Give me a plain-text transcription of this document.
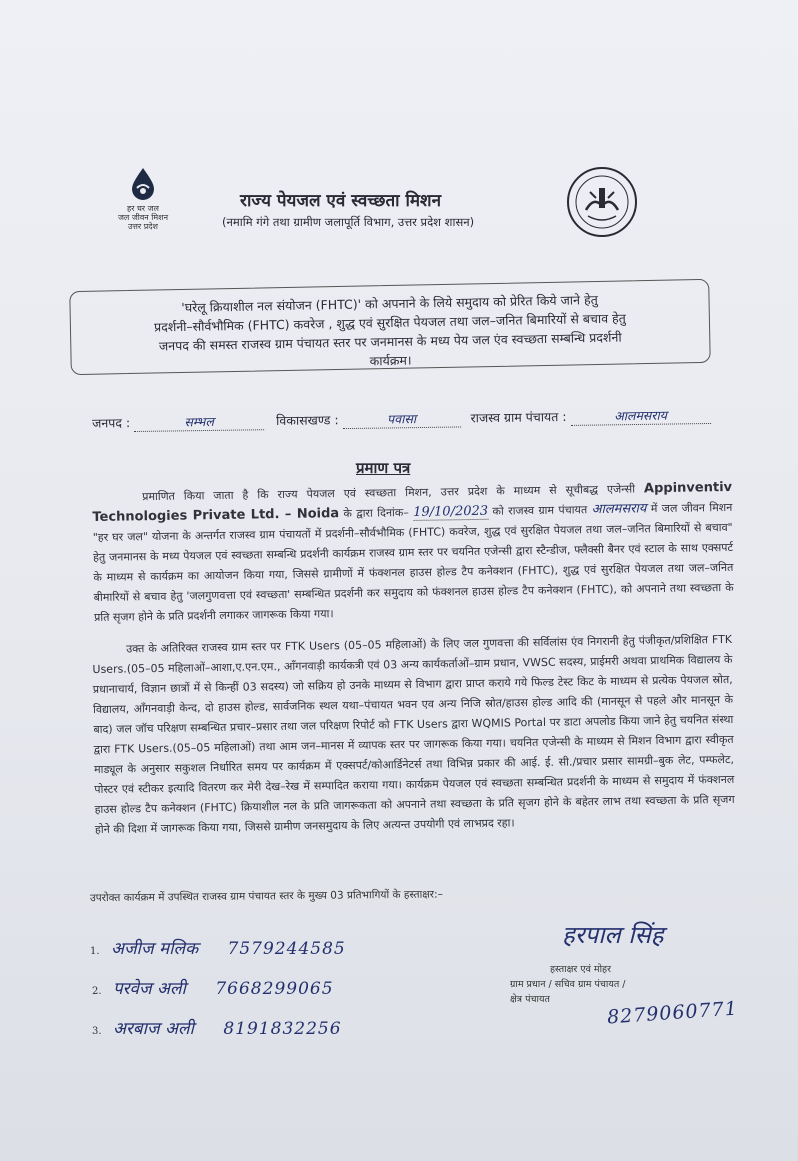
हर घर जल
जल जीवन मिशन
उत्तर प्रदेश
राज्य पेयजल एवं स्वच्छता मिशन
(नमामि गंगे तथा ग्रामीण जलापूर्ति विभाग, उत्तर प्रदेश शासन)
'घरेलू क्रियाशील नल संयोजन (FHTC)' को अपनाने के लिये समुदाय को प्रेरित किये जाने हेतु
प्रदर्शनी–सौर्वभौमिक (FHTC) कवरेज , शुद्ध एवं सुरक्षित पेयजल तथा जल–जनित बिमारियों से बचाव हेतु
जनपद की समस्त राजस्व ग्राम पंचायत स्तर पर जनमानस के मध्य पेय जल एंव स्वच्छता सम्बन्धि प्रदर्शनी
कार्यक्रम।
जनपद :	सम्भल	विकासखण्ड :	पवासा	राजस्व ग्राम पंचायत :	आलमसराय
प्रमाण पत्र
प्रमाणित किया जाता है कि राज्य पेयजल एवं स्वच्छता मिशन, उत्तर प्रदेश के माध्यम से सूचीबद्ध एजेन्सी Appinventiv Technologies Private Ltd. – Noida के द्वारा दिनांक– 19/10/2023 को राजस्व ग्राम पंचायत आलमसराय में जल जीवन मिशन "हर घर जल" योजना के अन्तर्गत राजस्व ग्राम पंचायतों में प्रदर्शनी–सौर्वभौमिक (FHTC) कवरेज, शुद्ध एवं सुरक्षित पेयजल तथा जल–जनित बिमारियों से बचाव" हेतु जनमानस के मध्य पेयजल एवं स्वच्छता सम्बन्धि प्रदर्शनी कार्यक्रम राजस्व ग्राम स्तर पर चयनित एजेन्सी द्वारा स्टैन्डीज, फ्लैक्सी बैनर एवं स्टाल के साथ एक्सपर्ट के माध्यम से कार्यक्रम का आयोजन किया गया, जिससे ग्रामीणों में फंक्शनल हाउस होल्ड टैप कनेक्शन (FHTC), शुद्ध एवं सुरक्षित पेयजल तथा जल–जनित बीमारियों से बचाव हेतु 'जलगुणवत्ता एवं स्वच्छता' सम्बन्धित प्रदर्शनी कर समुदाय को फंक्शनल हाउस होल्ड टैप कनेक्शन (FHTC), को अपनाने तथा स्वच्छता के प्रति सृजग होने के प्रति प्रदर्शनी लगाकर जागरूक किया गया।
उक्त के अतिरिक्त राजस्व ग्राम स्तर पर FTK Users (05–05 महिलाओं) के लिए जल गुणवत्ता की सर्विलांस एंव निगरानी हेतु पंजीकृत/प्रशिक्षित FTK Users.(05–05 महिलाओं–आशा,ए.एन.एम., आँगनवाड़ी कार्यकत्री एवं 03 अन्य कार्यकर्ताओं–ग्राम प्रधान, VWSC सदस्य, प्राईमरी अथवा प्राथमिक विद्यालय के प्रधानाचार्य, विज्ञान छात्रों में से किन्हीं 03 सदस्य) जो सक्रिय हो उनके माध्यम से विभाग द्वारा प्राप्त कराये गये फिल्ड टेस्ट किट के माध्यम से प्रत्येक पेयजल स्रोत, विद्यालय, आँगनवाड़ी केन्द, दो हाउस होल्ड, सार्वजनिक स्थल यथा–पंचायत भवन एव अन्य निजि स्रोत/हाउस होल्ड आदि की (मानसून से पहले और मानसून के बाद) जल जॉच परिक्षण सम्बन्धित प्रचार–प्रसार तथा जल परिक्षण रिपोर्ट को FTK Users द्वारा WQMIS Portal पर डाटा अपलोड किया जाने हेतु चयनित संस्था द्वारा FTK Users.(05–05 महिलाओं) तथा आम जन–मानस में व्यापक स्तर पर जागरूक किया गया। चयनित एजेन्सी के माध्यम से मिशन विभाग द्वारा स्वीकृत माड्यूल के अनुसार सकुशल निर्धारित समय पर कार्यक्रम में एक्सपर्ट/कोआर्डिनेटर्स तथा विभिन्न प्रकार की आई. ई. सी./प्रचार प्रसार सामग्री–बुक लेट, पम्फलेट, पोस्टर एवं स्टीकर इत्यादि वितरण कर मेरी देख–रेख में सम्पादित कराया गया। कार्यक्रम पेयजल एवं स्वच्छता सम्बन्धित प्रदर्शनी के माध्यम से समुदाय में फंक्शनल हाउस होल्ड टैप कनेक्शन (FHTC) क्रियाशील नल के प्रति जागरूकता को अपनाने तथा स्वच्छता के प्रति सृजग होने के बहेतर लाभ तथा स्वच्छता के प्रति सृजग होने की दिशा में जागरूक किया गया, जिससे ग्रामीण जनसमुदाय के लिए अत्यन्त उपयोगी एवं लाभप्रद रहा।
उपरोक्त कार्यक्रम में उपस्थित राजस्व ग्राम पंचायत स्तर के मुख्य 03 प्रतिभागियों के हस्ताक्षर:–
1. अजीज मलिक 7579244585
2. परवेज अली 7668299065
3. अरबाज अली 8191832256
हरपाल सिंह
हस्ताक्षर एवं मोहर
ग्राम प्रधान / सचिव ग्राम पंचायत /
क्षेत्र पंचायत	8279060771
